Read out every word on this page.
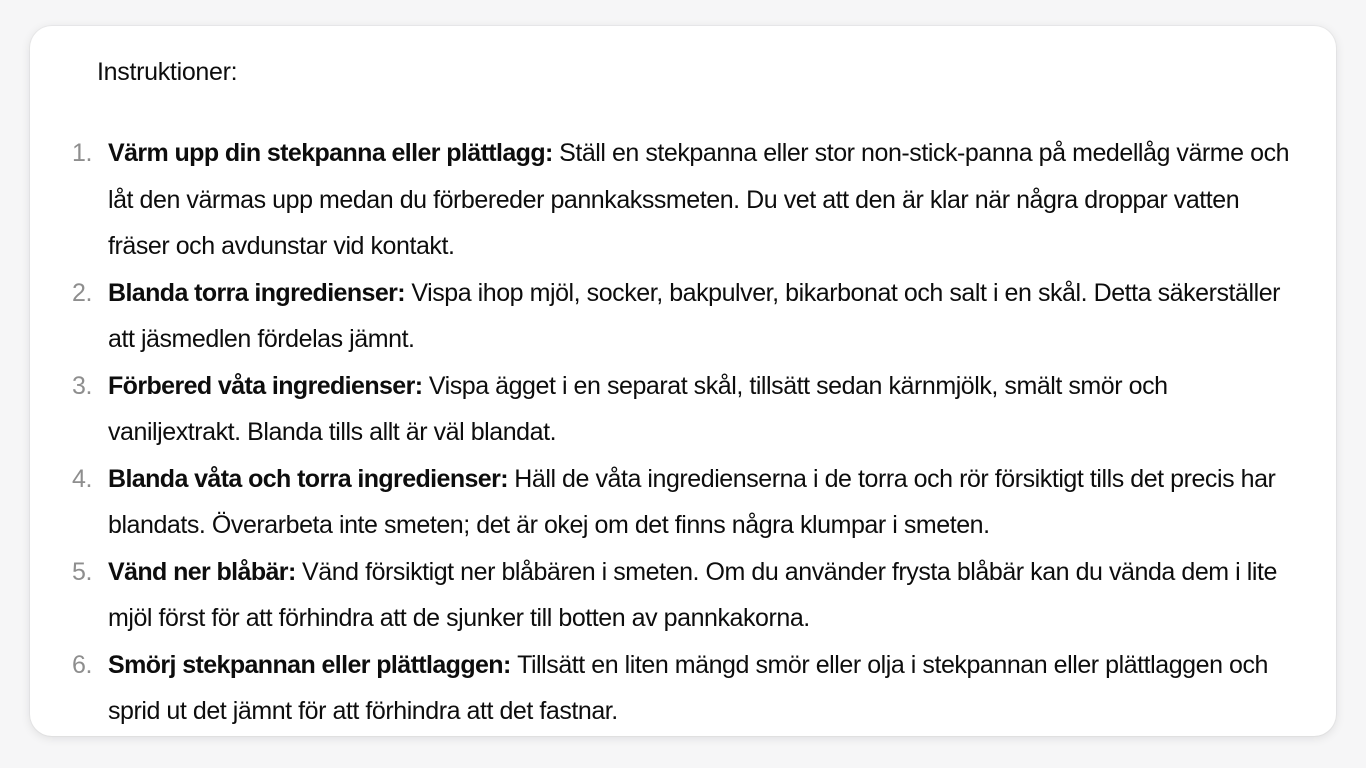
Instruktioner:
1. Värm upp din stekpanna eller plättlagg: Ställ en stekpanna eller stor non-stick-panna på medellåg värme och låt den värmas upp medan du förbereder pannkakssmeten. Du vet att den är klar när några droppar vatten fräser och avdunstar vid kontakt.
2. Blanda torra ingredienser: Vispa ihop mjöl, socker, bakpulver, bikarbonat och salt i en skål. Detta säkerställer att jäsmedlen fördelas jämnt.
3. Förbered våta ingredienser: Vispa ägget i en separat skål, tillsätt sedan kärnmjölk, smält smör och vaniljextrakt. Blanda tills allt är väl blandat.
4. Blanda våta och torra ingredienser: Häll de våta ingredienserna i de torra och rör försiktigt tills det precis har blandats. Överarbeta inte smeten; det är okej om det finns några klumpar i smeten.
5. Vänd ner blåbär: Vänd försiktigt ner blåbären i smeten. Om du använder frysta blåbär kan du vända dem i lite mjöl först för att förhindra att de sjunker till botten av pannkakorna.
6. Smörj stekpannan eller plättlaggen: Tillsätt en liten mängd smör eller olja i stekpannan eller plättlaggen och sprid ut det jämnt för att förhindra att det fastnar.
